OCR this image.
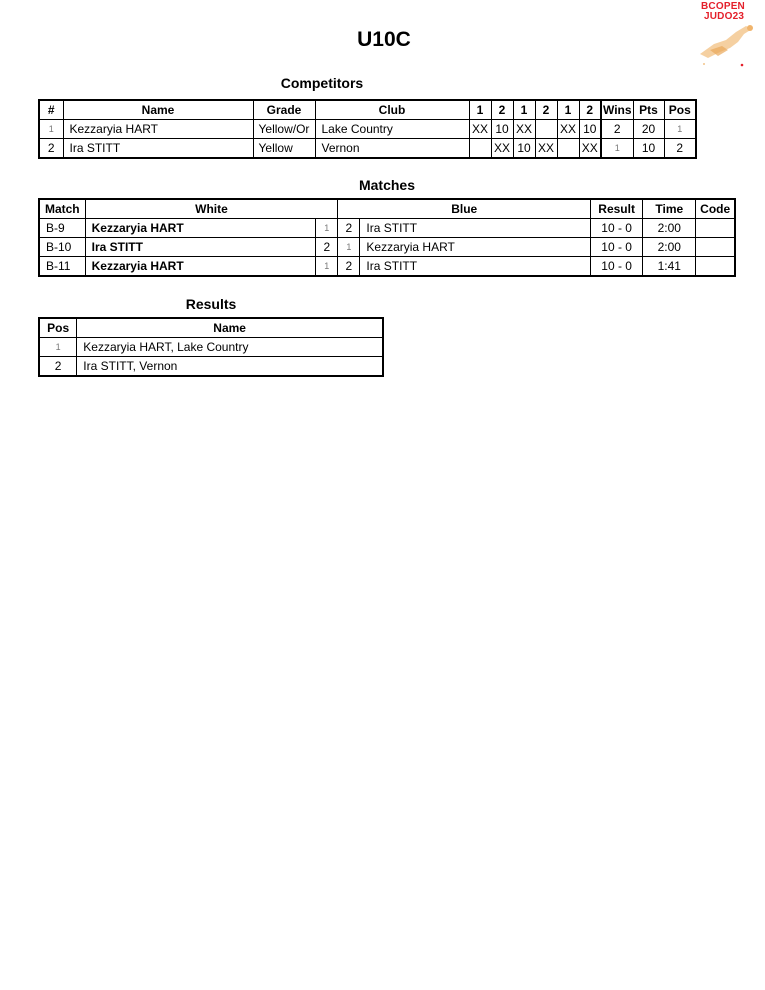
U10C
BCOPEN
JUDO23
Competitors
#	Name	Grade	Club	1	2	1	2	1	2	Wins	Pts	Pos
1	Kezzaryia HART	Yellow/Or	Lake Country	XX	10	XX		XX	10	2	20	1
2	Ira STITT	Yellow	Vernon		XX	10	XX		XX	1	10	2
Matches
Match	White		Blue		Result	Time	Code
B-9	Kezzaryia HART	1	2	Ira STITT	10 - 0	2:00	
B-10	Ira STITT	2	1	Kezzaryia HART	10 - 0	2:00	
B-11	Kezzaryia HART	1	2	Ira STITT	10 - 0	1:41	
Results
Pos	Name
1	Kezzaryia HART, Lake Country
2	Ira STITT, Vernon
